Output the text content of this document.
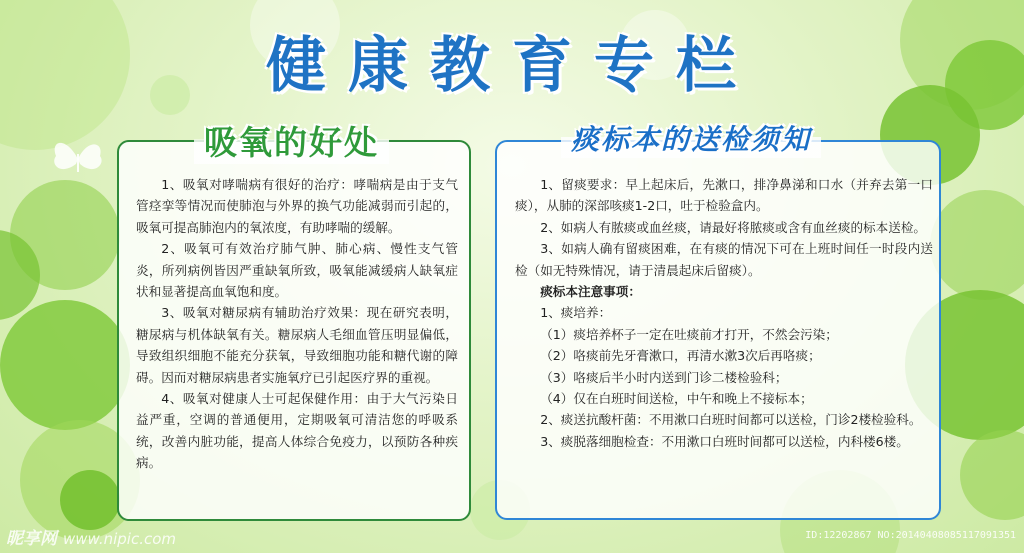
健康教育专栏
吸氧的好处

1、吸氧对哮喘病有很好的治疗：哮喘病是由于支气管痉挛等情况而使肺泡与外界的换气功能减弱而引起的，吸氧可提高肺泡内的氧浓度，有助哮喘的缓解。

2、吸氧可有效治疗肺气肿、肺心病、慢性支气管炎，所列病例皆因严重缺氧所致，吸氧能减缓病人缺氧症状和显著提高血氧饱和度。

3、吸氧对糖尿病有辅助治疗效果：现在研究表明，糖尿病与机体缺氧有关。糖尿病人毛细血管压明显偏低，导致组织细胞不能充分获氧，导致细胞功能和糖代谢的障碍。因而对糖尿病患者实施氧疗已引起医疗界的重视。

4、吸氧对健康人士可起保健作用：由于大气污染日益严重，空调的普通便用，定期吸氧可清洁您的呼吸系统，改善内脏功能，提高人体综合免疫力，以预防各种疾病。

痰标本的送检须知

1、留痰要求：早上起床后，先漱口，排净鼻涕和口水（并弃去第一口痰），从肺的深部咳痰1-2口，吐于检验盒内。

2、如病人有脓痰或血丝痰，请最好将脓痰或含有血丝痰的标本送检。

3、如病人确有留痰困难，在有痰的情况下可在上班时间任一时段内送检（如无特殊情况，请于清晨起床后留痰）。

痰标本注意事项：

1、痰培养：

（1）痰培养杯子一定在吐痰前才打开，不然会污染；

（2）咯痰前先牙膏漱口，再清水漱3次后再咯痰；

（3）咯痰后半小时内送到门诊二楼检验科；

（4）仅在白班时间送检，中午和晚上不接标本；

2、痰送抗酸杆菌：不用漱口白班时间都可以送检，门诊2楼检验科。

3、痰脱落细胞检查：不用漱口白班时间都可以送检，内科楼6楼。

昵享网 www.nipic.com	ID:12202867 NO:20140408085117091351
